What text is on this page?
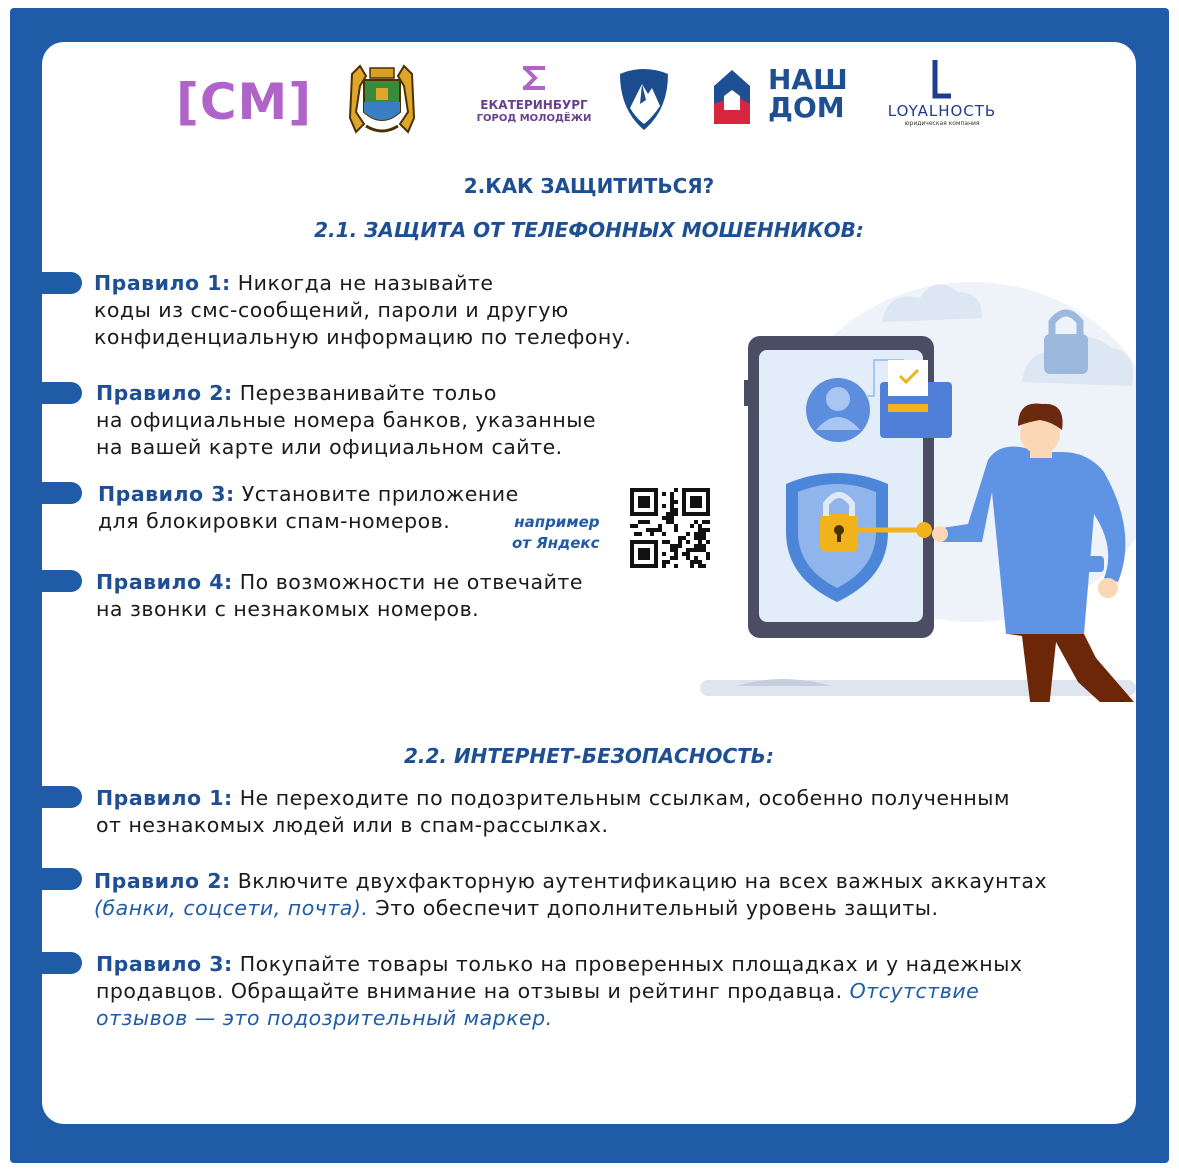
[СМ]	ЕКАТЕРИНБУРГ
ГОРОД МОЛОДЁЖИ
НАШ
ДОМ	LOYALНОСТЬ
юридическая компания
2.КАК ЗАЩИТИТЬСЯ?
2.1. ЗАЩИТА ОТ ТЕЛЕФОННЫХ МОШЕННИКОВ:
Правило 1: Никогда не называйте
коды из смс-сообщений, пароли и другую
конфиденциальную информацию по телефону.
Правило 2: Перезванивайте тольо
на официальные номера банков, указанные
на вашей карте или официальном сайте.
Правило 3: Установите приложение
для блокировки спам-номеров.	например
от Яндекс
Правило 4: По возможности не отвечайте
на звонки с незнакомых номеров.
2.2. ИНТЕРНЕТ-БЕЗОПАСНОСТЬ:
Правило 1: Не переходите по подозрительным ссылкам, особенно полученным
от незнакомых людей или в спам-рассылках.
Правило 2: Включите двухфакторную аутентификацию на всех важных аккаунтах
(банки, соцсети, почта). Это обеспечит дополнительный уровень защиты.
Правило 3: Покупайте товары только на проверенных площадках и у надежных
продавцов. Обращайте внимание на отзывы и рейтинг продавца. Отсутствие
отзывов — это подозрительный маркер.
